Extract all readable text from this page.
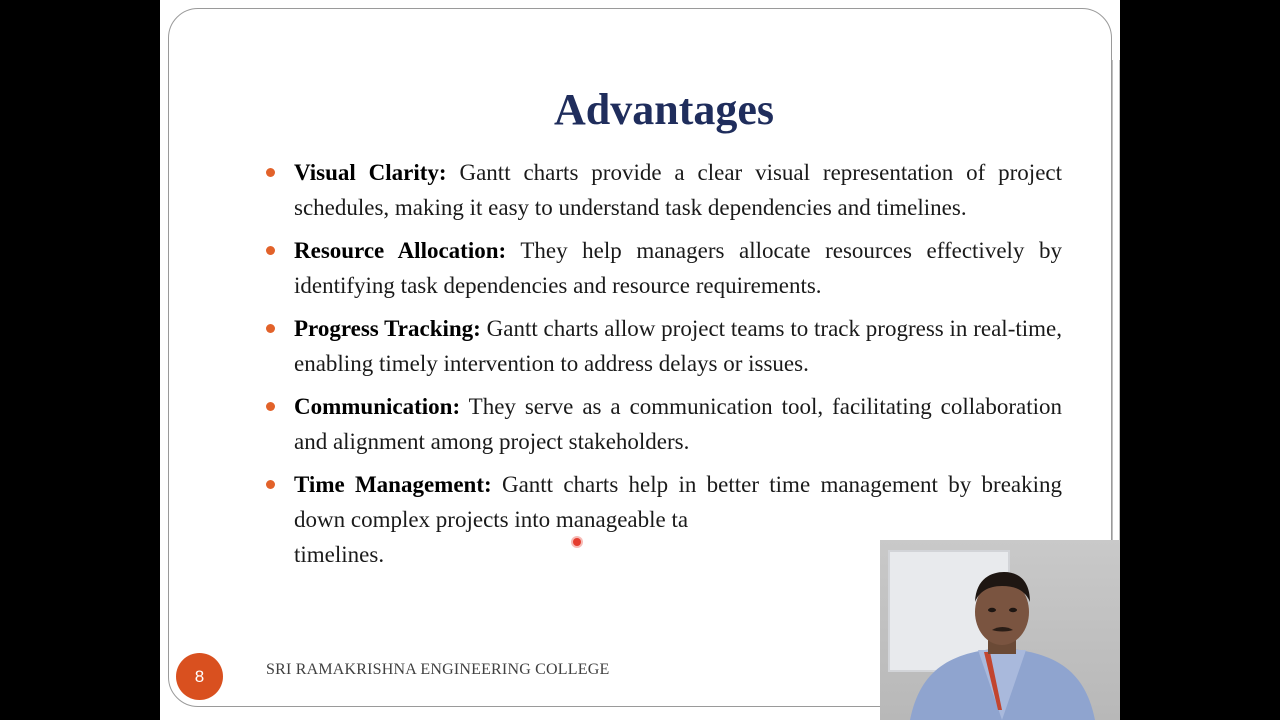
Advantages
Visual Clarity: Gantt charts provide a clear visual representation of project schedules, making it easy to understand task dependencies and timelines.
Resource Allocation: They help managers allocate resources effectively by identifying task dependencies and resource requirements.
Progress Tracking: Gantt charts allow project teams to track progress in real-time, enabling timely intervention to address delays or issues.
Communication: They serve as a communication tool, facilitating collaboration and alignment among project stakeholders.
Time Management: Gantt charts help in better time management by breaking down complex projects into manageable ta
timelines.
8	SRI RAMAKRISHNA ENGINEERING COLLEGE
